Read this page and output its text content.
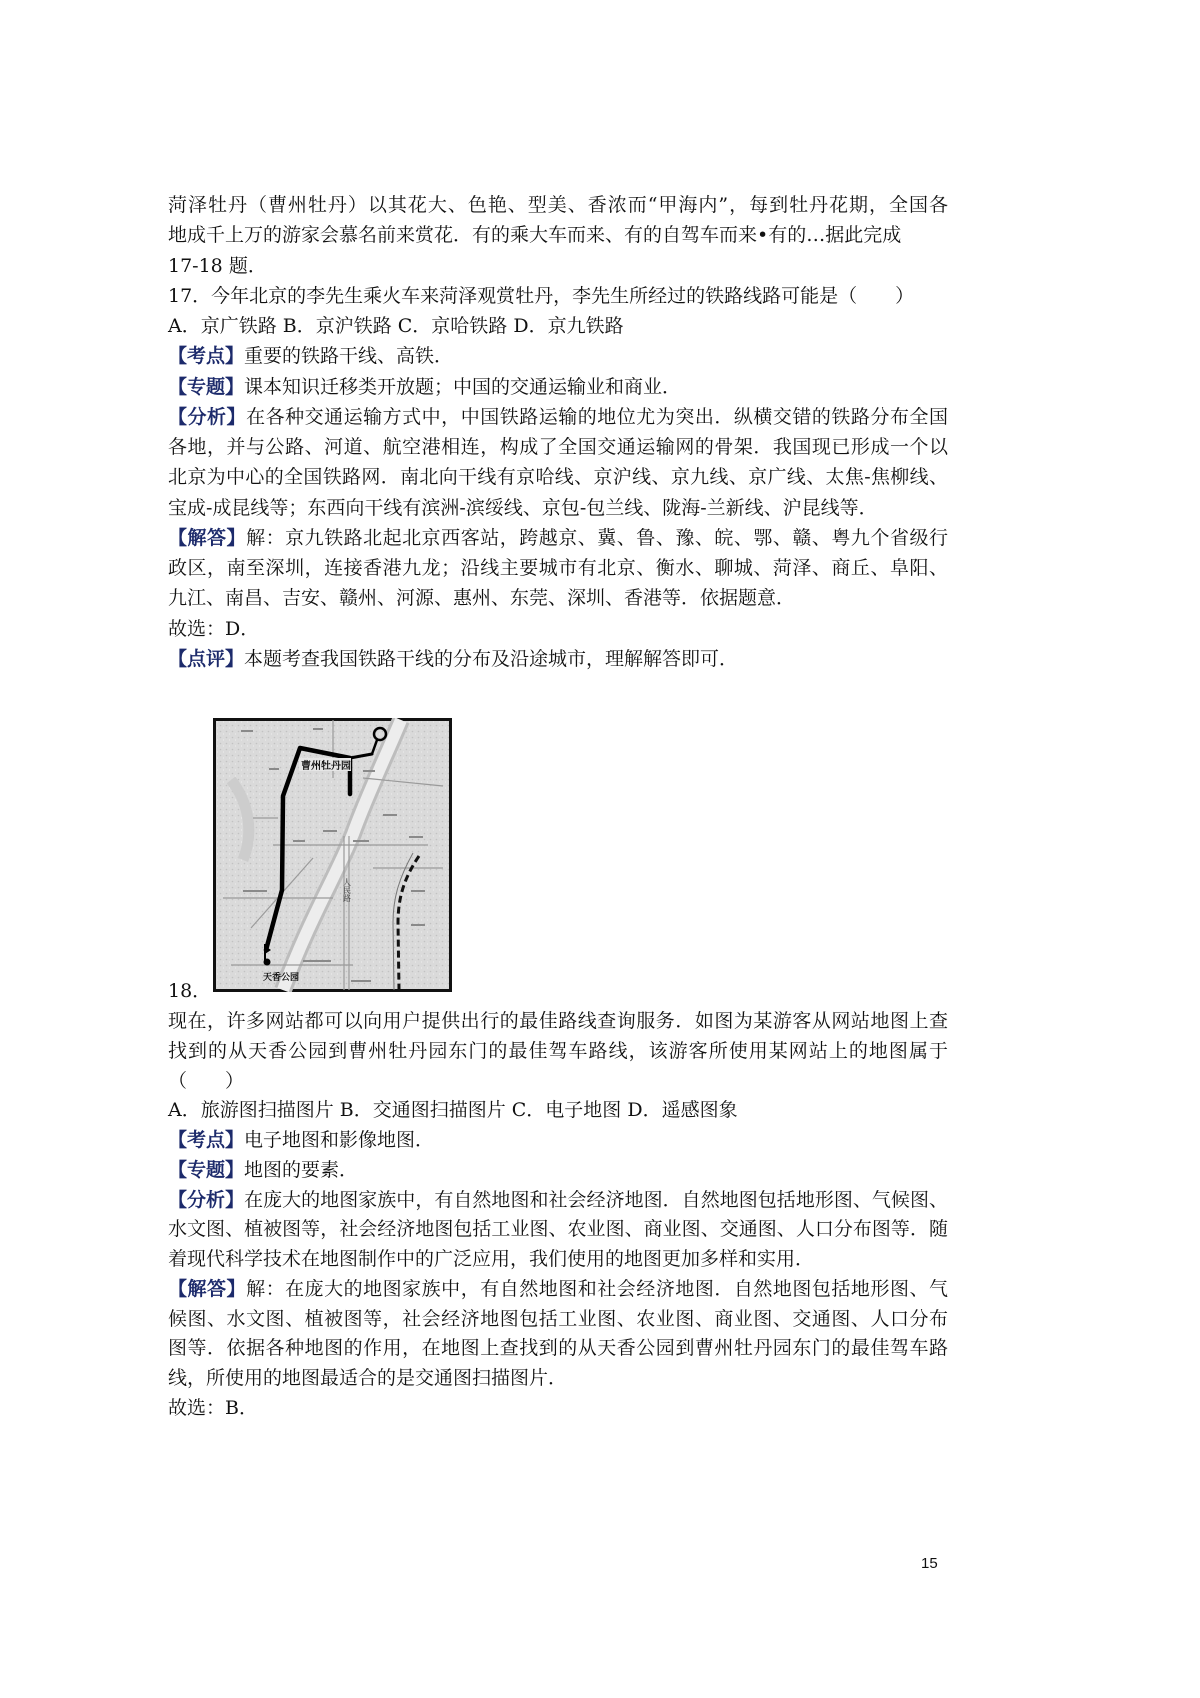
菏泽牡丹（曹州牡丹）以其花大、色艳、型美、香浓而“甲海内”，每到牡丹花期，全国各
地成千上万的游家会慕名前来赏花．有的乘大车而来、有的自驾车而来•有的…据此完成
17-18 题．
17．今年北京的李先生乘火车来菏泽观赏牡丹，李先生所经过的铁路线路可能是（　　）
A．京广铁路 B．京沪铁路 C．京哈铁路 D．京九铁路
【考点】重要的铁路干线、高铁．
【专题】课本知识迁移类开放题；中国的交通运输业和商业．
【分析】在各种交通运输方式中，中国铁路运输的地位尤为突出．纵横交错的铁路分布全国
各地，并与公路、河道、航空港相连，构成了全国交通运输网的骨架．我国现已形成一个以
北京为中心的全国铁路网．南北向干线有京哈线、京沪线、京九线、京广线、太焦-焦柳线、
宝成-成昆线等；东西向干线有滨洲-滨绥线、京包-包兰线、陇海-兰新线、沪昆线等．
【解答】解：京九铁路北起北京西客站，跨越京、冀、鲁、豫、皖、鄂、赣、粤九个省级行
政区，南至深圳，连接香港九龙；沿线主要城市有北京、衡水、聊城、菏泽、商丘、阜阳、
九江、南昌、吉安、赣州、河源、惠州、东莞、深圳、香港等．依据题意．
故选：D．
【点评】本题考查我国铁路干线的分布及沿途城市，理解解答即可．
18．
曹州牡丹园
人民路
天香公园
现在，许多网站都可以向用户提供出行的最佳路线查询服务．如图为某游客从网站地图上查
找到的从天香公园到曹州牡丹园东门的最佳驾车路线，该游客所使用某网站上的地图属于
（　　）
A．旅游图扫描图片 B．交通图扫描图片 C．电子地图 D．遥感图象
【考点】电子地图和影像地图．
【专题】地图的要素．
【分析】在庞大的地图家族中，有自然地图和社会经济地图．自然地图包括地形图、气候图、
水文图、植被图等，社会经济地图包括工业图、农业图、商业图、交通图、人口分布图等．随
着现代科学技术在地图制作中的广泛应用，我们使用的地图更加多样和实用．
【解答】解：在庞大的地图家族中，有自然地图和社会经济地图．自然地图包括地形图、气
候图、水文图、植被图等，社会经济地图包括工业图、农业图、商业图、交通图、人口分布
图等．依据各种地图的作用，在地图上查找到的从天香公园到曹州牡丹园东门的最佳驾车路
线，所使用的地图最适合的是交通图扫描图片．
故选：B．
15
